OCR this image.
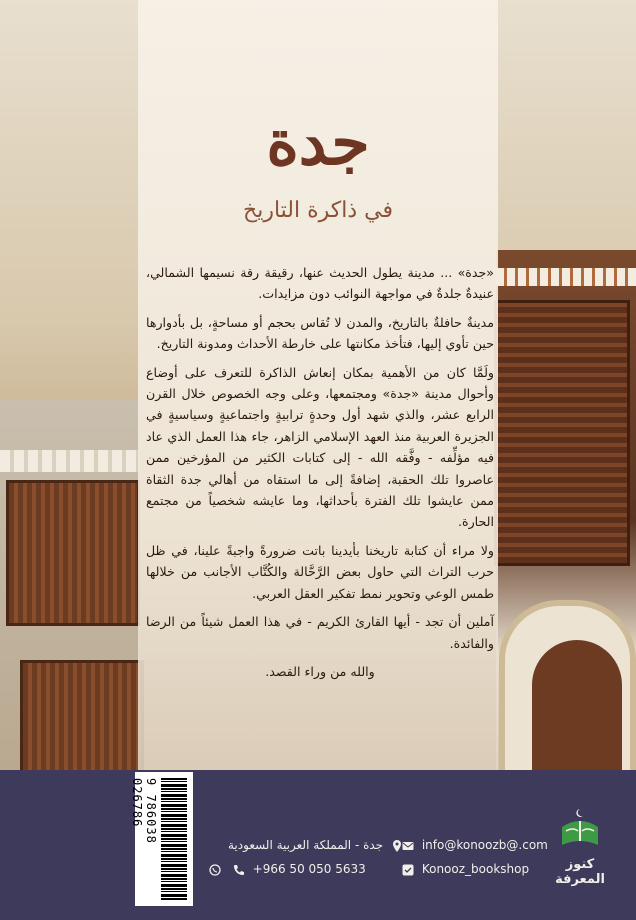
جدة
في ذاكرة التاريخ

«جدة» ... مدينة يطول الحديث عنها، رقيقة رقة نسيمها الشمالي، عنيدةٌ جلدةٌ في مواجهة النوائب دون مزايدات.

مدينةٌ حافلةٌ بالتاريخ، والمدن لا تُقاس بحجم أو مساحةٍ، بل بأدوارها حين تأوي إليها، فتأخذ مكانتها على خارطة الأحداث ومدونة التاريخ.

ولَمَّا كان من الأهمية بمكان إنعاش الذاكرة للتعرف على أوضاع وأحوال مدينة «جدة» ومجتمعها، وعلى وجه الخصوص خلال القرن الرابع عشر، والذي شهد أول وحدةٍ ترابيةٍ واجتماعيةٍ وسياسيةٍ في الجزيرة العربية منذ العهد الإسلامي الزاهر، جاء هذا العمل الذي عاد فيه مؤلِّفه - وفَّقه الله - إلى كتابات الكثير من المؤرخين ممن عاصروا تلك الحقبة، إضافةً إلى ما استقاه من أهالي جدة الثقاة ممن عايشوا تلك الفترة بأحداثها، وما عايشه شخصياً من مجتمع الحارة.

ولا مراء أن كتابة تاريخنا بأيدينا باتت ضرورةً واجبةً علينا، في ظل حرب التراث التي حاول بعض الرَّحَّالة والكُتَّاب الأجانب من خلالها طمس الوعي وتحوير نمط تفكير العقل العربي.

آملين أن تجد - أيها القارئ الكريم - في هذا العمل شيئاً من الرضا والفائدة.

والله من وراء القصد.

9 786038 026786
جدة - المملكة العربية السعودية
+966 50 050 5633
info@konoozb@.com
Konooz_bookshop	كنوز المعرفة
